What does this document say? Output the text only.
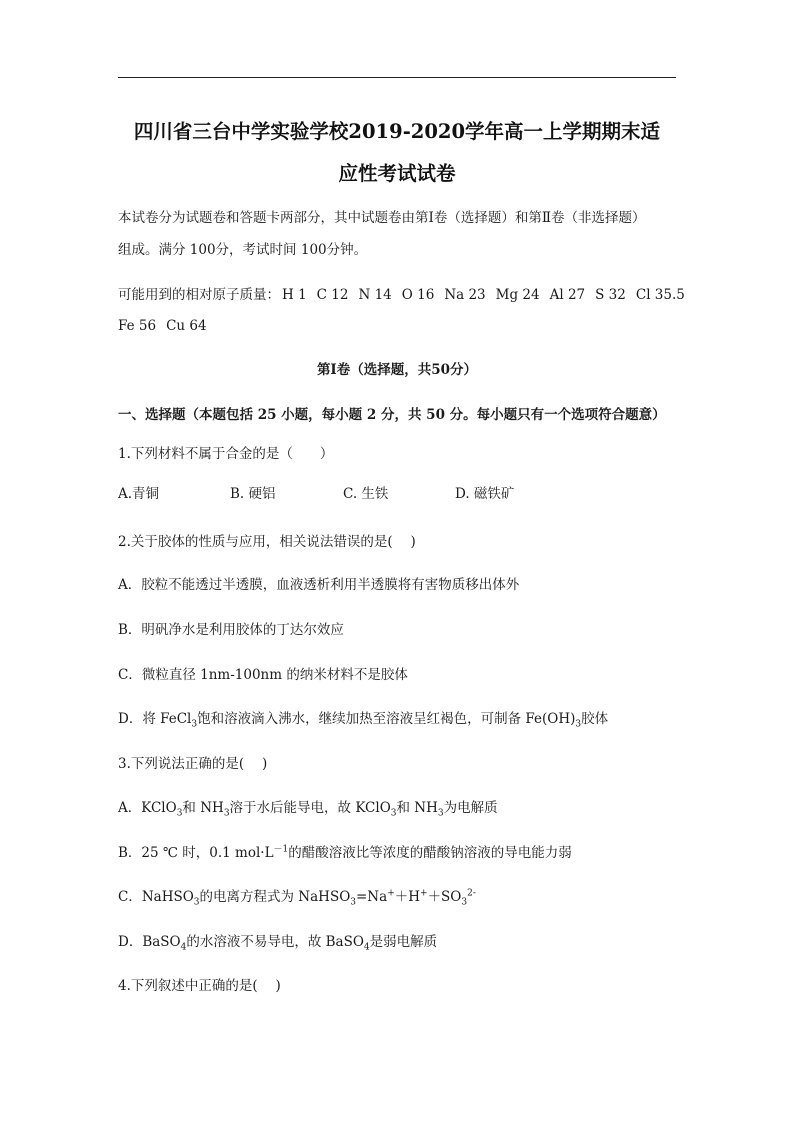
四川省三台中学实验学校2019-2020学年高一上学期期末适
应性考试试卷
本试卷分为试题卷和答题卡两部分，其中试题卷由第Ⅰ卷（选择题）和第Ⅱ卷（非选择题）
组成。满分 100分，考试时间 100分钟。
可能用到的相对原子质量： H 1 C 12 N 14 O 16 Na 23 Mg 24 Al 27 S 32 Cl 35.5
Fe 56 Cu 64
第Ⅰ卷（选择题，共50分）
一、选择题（本题包括 25 小题，每小题 2 分，共 50 分。每小题只有一个选项符合题意）
1.下列材料不属于合金的是（　　）
A.青铜	B. 硬铝	C. 生铁	D. 磁铁矿
2.关于胶体的性质与应用，相关说法错误的是(　 )
A．胶粒不能透过半透膜，血液透析利用半透膜将有害物质移出体外
B．明矾净水是利用胶体的丁达尔效应
C．微粒直径 1nm-100nm 的纳米材料不是胶体
D．将 FeCl$_3$饱和溶液滴入沸水，继续加热至溶液呈红褐色，可制备 $Fe(OH)_3$胶体
3.下列说法正确的是(　 )
A．KClO$_3$和 $NH_3$溶于水后能导电，故 KClO$_3$和 $NH_3$为电解质
B．25 ℃ 时，0.1 $mol\cdot L^{-1}$的醋酸溶液比等浓度的醋酸钠溶液的导电能力弱
C．NaHSO$_3$的电离方程式为 $NaHSO_3=Na^++H^++SO_3^{2-}$
D．BaSO$_4$的水溶液不易导电，故 BaSO$_4$是弱电解质
4.下列叙述中正确的是(　 )
